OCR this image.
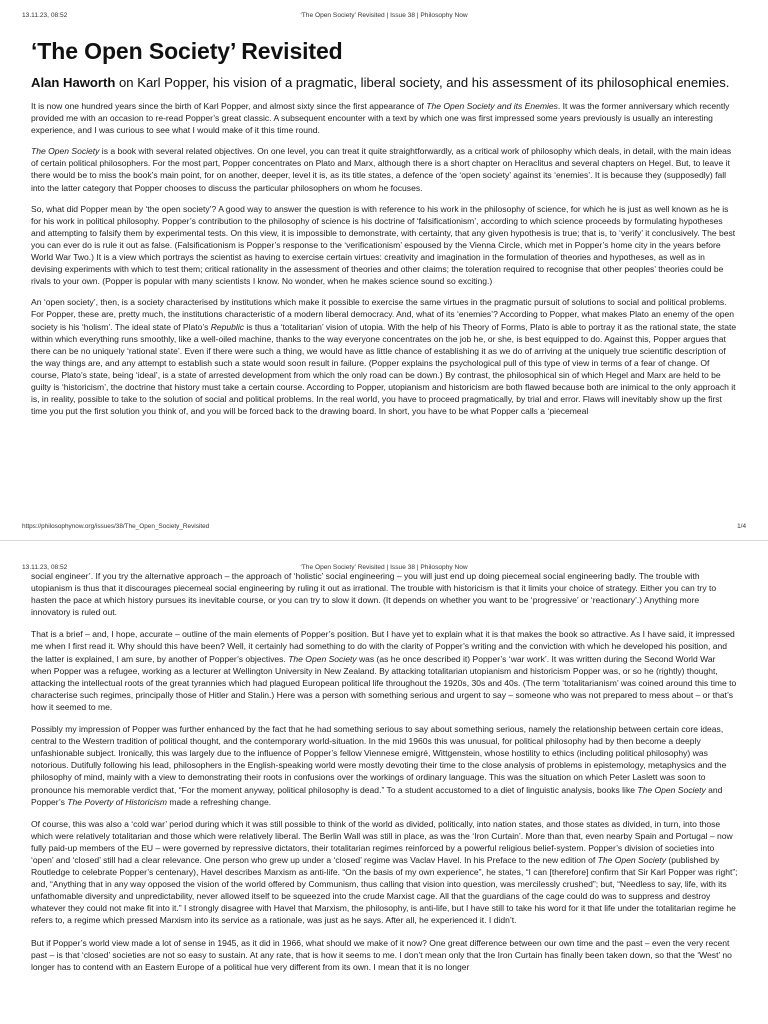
13.11.23, 08:52	‘The Open Society’ Revisited | Issue 38 | Philosophy Now
‘The Open Society’ Revisited
Alan Haworth on Karl Popper, his vision of a pragmatic, liberal society, and his assessment of its philosophical enemies.

It is now one hundred years since the birth of Karl Popper, and almost sixty since the first appearance of The Open Society and its Enemies. It was the former anniversary which recently provided me with an occasion to re-read Popper’s great classic. A subsequent encounter with a text by which one was first impressed some years previously is usually an interesting experience, and I was curious to see what I would make of it this time round.

The Open Society is a book with several related objectives. On one level, you can treat it quite straightforwardly, as a critical work of philosophy which deals, in detail, with the main ideas of certain political philosophers. For the most part, Popper concentrates on Plato and Marx, although there is a short chapter on Heraclitus and several chapters on Hegel. But, to leave it there would be to miss the book’s main point, for on another, deeper, level it is, as its title states, a defence of the ‘open society’ against its ‘enemies’. It is because they (supposedly) fall into the latter category that Popper chooses to discuss the particular philosophers on whom he focuses.

So, what did Popper mean by ‘the open society’? A good way to answer the question is with reference to his work in the philosophy of science, for which he is just as well known as he is for his work in political philosophy. Popper’s contribution to the philosophy of science is his doctrine of ‘falsificationism’, according to which science proceeds by formulating hypotheses and attempting to falsify them by experimental tests. On this view, it is impossible to demonstrate, with certainty, that any given hypothesis is true; that is, to ‘verify’ it conclusively. The best you can ever do is rule it out as false. (Falsificationism is Popper’s response to the ‘verificationism’ espoused by the Vienna Circle, which met in Popper’s home city in the years before World War Two.) It is a view which portrays the scientist as having to exercise certain virtues: creativity and imagination in the formulation of theories and hypotheses, as well as in devising experiments with which to test them; critical rationality in the assessment of theories and other claims; the toleration required to recognise that other peoples’ theories could be rivals to your own. (Popper is popular with many scientists I know. No wonder, when he makes science sound so exciting.)

An ‘open society’, then, is a society characterised by institutions which make it possible to exercise the same virtues in the pragmatic pursuit of solutions to social and political problems. For Popper, these are, pretty much, the institutions characteristic of a modern liberal democracy. And, what of its ‘enemies’? According to Popper, what makes Plato an enemy of the open society is his ‘holism’. The ideal state of Plato’s Republic is thus a ‘totalitarian’ vision of utopia. With the help of his Theory of Forms, Plato is able to portray it as the rational state, the state within which everything runs smoothly, like a well-oiled machine, thanks to the way everyone concentrates on the job he, or she, is best equipped to do. Against this, Popper argues that there can be no uniquely ‘rational state’. Even if there were such a thing, we would have as little chance of establishing it as we do of arriving at the uniquely true scientific description of the way things are, and any attempt to establish such a state would soon result in failure. (Popper explains the psychological pull of this type of view in terms of a fear of change. Of course, Plato’s state, being ‘ideal’, is a state of arrested development from which the only road can be down.) By contrast, the philosophical sin of which Hegel and Marx are held to be guilty is ‘historicism’, the doctrine that history must take a certain course. According to Popper, utopianism and historicism are both flawed because both are inimical to the only approach it is, in reality, possible to take to the solution of social and political problems. In the real world, you have to proceed pragmatically, by trial and error. Flaws will inevitably show up the first time you put the first solution you think of, and you will be forced back to the drawing board. In short, you have to be what Popper calls a ‘piecemeal

https://philosophynow.org/issues/38/The_Open_Society_Revisited	1/4
13.11.23, 08:52	‘The Open Society’ Revisited | Issue 38 | Philosophy Now

social engineer’. If you try the alternative approach – the approach of ‘holistic’ social engineering – you will just end up doing piecemeal social engineering badly. The trouble with utopianism is thus that it discourages piecemeal social engineering by ruling it out as irrational. The trouble with historicism is that it limits your choice of strategy. Either you can try to hasten the pace at which history pursues its inevitable course, or you can try to slow it down. (It depends on whether you want to be ‘progressive’ or ‘reactionary’.) Anything more innovatory is ruled out.

That is a brief – and, I hope, accurate – outline of the main elements of Popper’s position. But I have yet to explain what it is that makes the book so attractive. As I have said, it impressed me when I first read it. Why should this have been? Well, it certainly had something to do with the clarity of Popper’s writing and the conviction with which he developed his position, and the latter is explained, I am sure, by another of Popper’s objectives. The Open Society was (as he once described it) Popper’s ‘war work’. It was written during the Second World War when Popper was a refugee, working as a lecturer at Wellington University in New Zealand. By attacking totalitarian utopianism and historicism Popper was, or so he (rightly) thought, attacking the intellectual roots of the great tyrannies which had plagued European political life throughout the 1920s, 30s and 40s. (The term ‘totalitarianism’ was coined around this time to characterise such regimes, principally those of Hitler and Stalin.) Here was a person with something serious and urgent to say – someone who was not prepared to mess about – or that’s how it seemed to me.

Possibly my impression of Popper was further enhanced by the fact that he had something serious to say about something serious, namely the relationship between certain core ideas, central to the Western tradition of political thought, and the contemporary world-situation. In the mid 1960s this was unusual, for political philosophy had by then become a deeply unfashionable subject. Ironically, this was largely due to the influence of Popper’s fellow Viennese emigré, Wittgenstein, whose hostility to ethics (including political philosophy) was notorious. Dutifully following his lead, philosophers in the English-speaking world were mostly devoting their time to the close analysis of problems in epistemology, metaphysics and the philosophy of mind, mainly with a view to demonstrating their roots in confusions over the workings of ordinary language. This was the situation on which Peter Laslett was soon to pronounce his memorable verdict that, “For the moment anyway, political philosophy is dead.” To a student accustomed to a diet of linguistic analysis, books like The Open Society and Popper’s The Poverty of Historicism made a refreshing change.

Of course, this was also a ‘cold war’ period during which it was still possible to think of the world as divided, politically, into nation states, and those states as divided, in turn, into those which were relatively totalitarian and those which were relatively liberal. The Berlin Wall was still in place, as was the ‘Iron Curtain’. More than that, even nearby Spain and Portugal – now fully paid-up members of the EU – were governed by repressive dictators, their totalitarian regimes reinforced by a powerful religious belief-system. Popper’s division of societies into ‘open’ and ‘closed’ still had a clear relevance. One person who grew up under a ‘closed’ regime was Vaclav Havel. In his Preface to the new edition of The Open Society (published by Routledge to celebrate Popper’s centenary), Havel describes Marxism as anti-life. “On the basis of my own experience”, he states, “I can [therefore] confirm that Sir Karl Popper was right”; and, “Anything that in any way opposed the vision of the world offered by Communism, thus calling that vision into question, was mercilessly crushed”; but, “Needless to say, life, with its unfathomable diversity and unpredictability, never allowed itself to be squeezed into the crude Marxist cage. All that the guardians of the cage could do was to suppress and destroy whatever they could not make fit into it.” I strongly disagree with Havel that Marxism, the philosophy, is anti-life, but I have still to take his word for it that life under the totalitarian regime he refers to, a regime which pressed Marxism into its service as a rationale, was just as he says. After all, he experienced it. I didn’t.

But if Popper’s world view made a lot of sense in 1945, as it did in 1966, what should we make of it now? One great difference between our own time and the past – even the very recent past – is that ‘closed’ societies are not so easy to sustain. At any rate, that is how it seems to me. I don’t mean only that the Iron Curtain has finally been taken down, so that the ‘West’ no longer has to contend with an Eastern Europe of a political hue very different from its own. I mean that it is no longer
